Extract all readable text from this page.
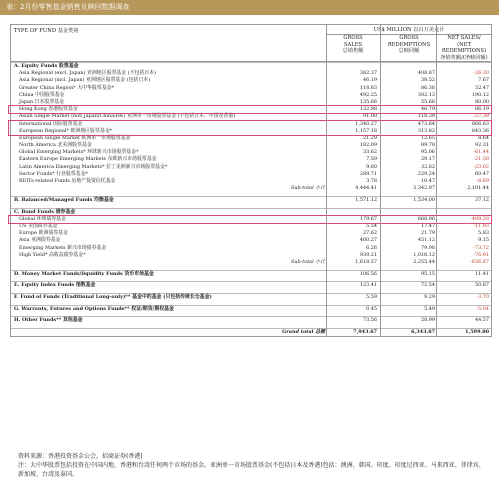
表：2月份零售基金销售及赎回数据调查
TYPE OF FUND 基金类别	US$ MILLION 以百万美元计
GROSS
SALES
总销售额
GROSS
REDEMPTIONS
总赎回额
NET SALES/
(NET REDEMPTIONS)
净销售额/(净赎回额)
A. Equity Funds 股票基金
Asia Regional (excl. Japan) 亚洲地区股票基金 (不包括日本)	382.37	408.67	-26.30
Asia Regional (incl. Japan) 亚洲地区股票基金 (包括日本)	46.19	38.52	7.67
Greater China Region* 大中华股票基金*	118.83	86.36	32.47
China 中国股票基金	492.25	302.13	190.12
Japan 日本股票基金	135.66	55.66	80.00
Hong Kong 香港股票基金	132.98	46.79	86.19
Asian Single Market (non Japan/China/HK) 亚洲单一市场股票基金 (不包括日本、中国及香港)	91.00	118.39	-27.39
International 国际股票基金	1,340.27	473.64	866.63
European Regional* 欧洲地区股票基金*	1,157.18	313.82	843.36
European Single Market 欧洲单一市场股票基金	21.29	12.65	8.64
North America 北美洲股票基金	182.09	89.78	92.31
Global Emerging Markets* 环球新兴市场股票基金*	33.62	95.06	-61.44
Eastern Europe Emerging Markets 东欧新兴市场股票基金	7.59	29.17	-21.58
Latin America Emerging Markets* 拉丁美洲新兴市场股票基金*	9.60	32.62	-23.02
Sector Funds* 行业股票基金*	289.71	229.24	60.47
REITs-related Funds 房地产投资信托基金	3.78	10.47	-6.69
Sub-total 小计	4,444.41	2,342.97	2,101.44
B. Balanced/Managed Funds 均衡基金	1,571.12	1,534.00	37.12
C. Bond Funds 债券基金
Global 环球债券基金	179.67	668.96	-489.29
US 美国债券基金	5.54	17.47	-11.93
Europe 欧洲债券基金	27.62	21.79	5.83
Asia 亚洲债券基金	460.27	451.12	9.15
Emerging Markets 新兴市场债券基金	6.26	79.98	-73.72
High Yield* 高收益债券基金*	939.21	1,016.12	-76.91
Sub-total 小计	1,618.57	2,255.44	-636.87
D. Money Market Funds/liquidity Funds 货币市场基金	106.56	95.15	11.41
E. Equity Index Funds 指数基金	123.41	72.54	50.87
F. Fund of Funds (Traditional Long-only)** 基金中的基金 (只包括传统长仓基金)	5.59	9.29	-3.70
G. Warrants, Futures and Options Funds** 权证/期货/期权基金	0.45	5.49	-5.04
H. Other Funds** 其他基金	73.56	28.99	44.57
Grand total 总额	7,943.67	6,343.87	1,599.80
资料来源：香港投资基金公会，招商证券(香港)
注：大中华股票包括投资在中国内地、香港和台湾任何两个市场的基金。亚洲单一市场股票基金(不包括日本及香港)包括：澳洲、韩国、印度、印度尼西亚、马来西亚、菲律宾、新加坡、台湾及泰国。
